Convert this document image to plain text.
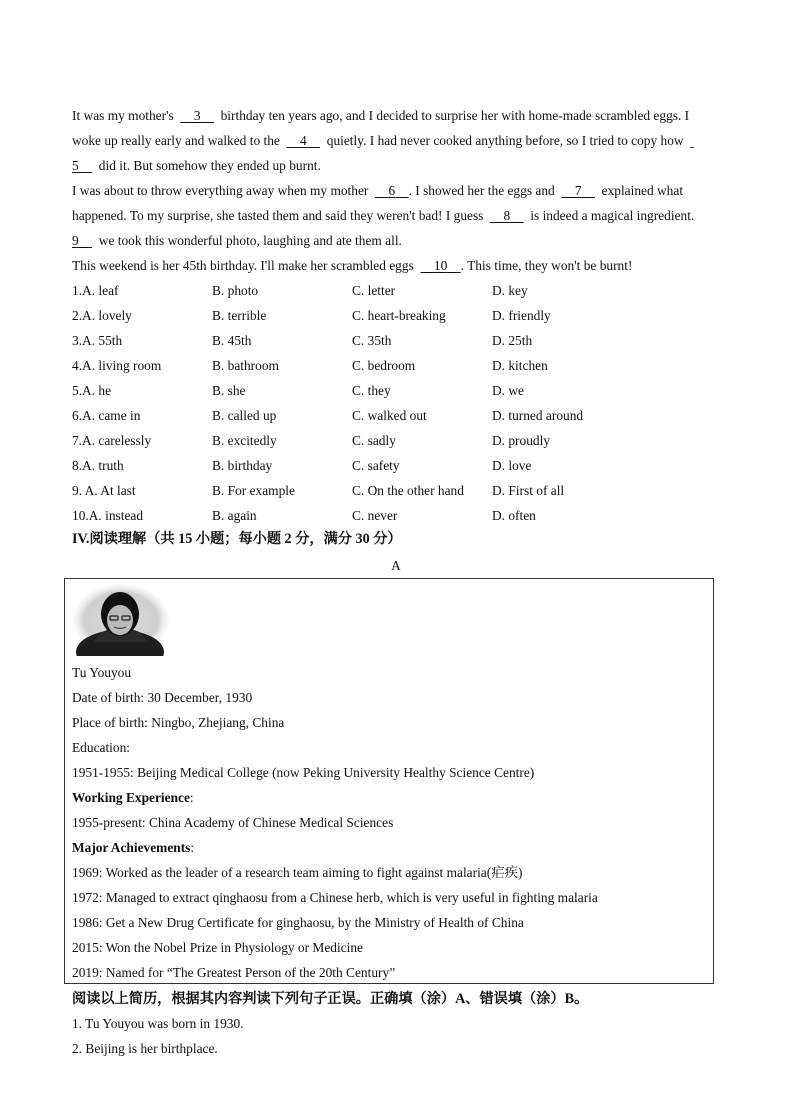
It was my mother's 3 birthday ten years ago, and I decided to surprise her with home-made scrambled eggs. I
woke up really early and walked to the 4 quietly. I had never cooked anything before, so I tried to copy how
5 did it. But somehow they ended up burnt.
I was about to throw everything away when my mother 6 . I showed her the eggs and 7 explained what
happened. To my surprise, she tasted them and said they weren't bad! I guess 8 is indeed a magical ingredient.
9 we took this wonderful photo, laughing and ate them all.
This weekend is her 45th birthday. I'll make her scrambled eggs 10 . This time, they won't be burnt!
1.A. leaf	B. photo	C. letter	D. key
2.A. lovely	B. terrible	C. heart-breaking	D. friendly
3.A. 55th	B. 45th	C. 35th	D. 25th
4.A. living room	B. bathroom	C. bedroom	D. kitchen
5.A. he	B. she	C. they	D. we
6.A. came in	B. called up	C. walked out	D. turned around
7.A. carelessly	B. excitedly	C. sadly	D. proudly
8.A. truth	B. birthday	C. safety	D. love
9. A. At last	B. For example	C. On the other hand D. First of all
10.A. instead	B. again	C. never	D. often
IV.阅读理解（共 15 小题；每小题 2 分，满分 30 分）
A
Tu Youyou
Date of birth: 30 December, 1930
Place of birth: Ningbo, Zhejiang, China
Education:
1951-1955: Beijing Medical College (now Peking University Healthy Science Centre)
Working Experience:
1955-present: China Academy of Chinese Medical Sciences
Major Achievements:
1969: Worked as the leader of a research team aiming to fight against malaria(疟疾)
1972: Managed to extract qinghaosu from a Chinese herb, which is very useful in fighting malaria
1986: Get a New Drug Certificate for ginghaosu, by the Ministry of Health of China
2015: Won the Nobel Prize in Physiology or Medicine
2019: Named for “The Greatest Person of the 20th Century”
阅读以上简历，根据其内容判读下列句子正误。正确填（涂）A、错误填（涂）B。
1. Tu Youyou was born in 1930.
2. Beijing is her birthplace.
